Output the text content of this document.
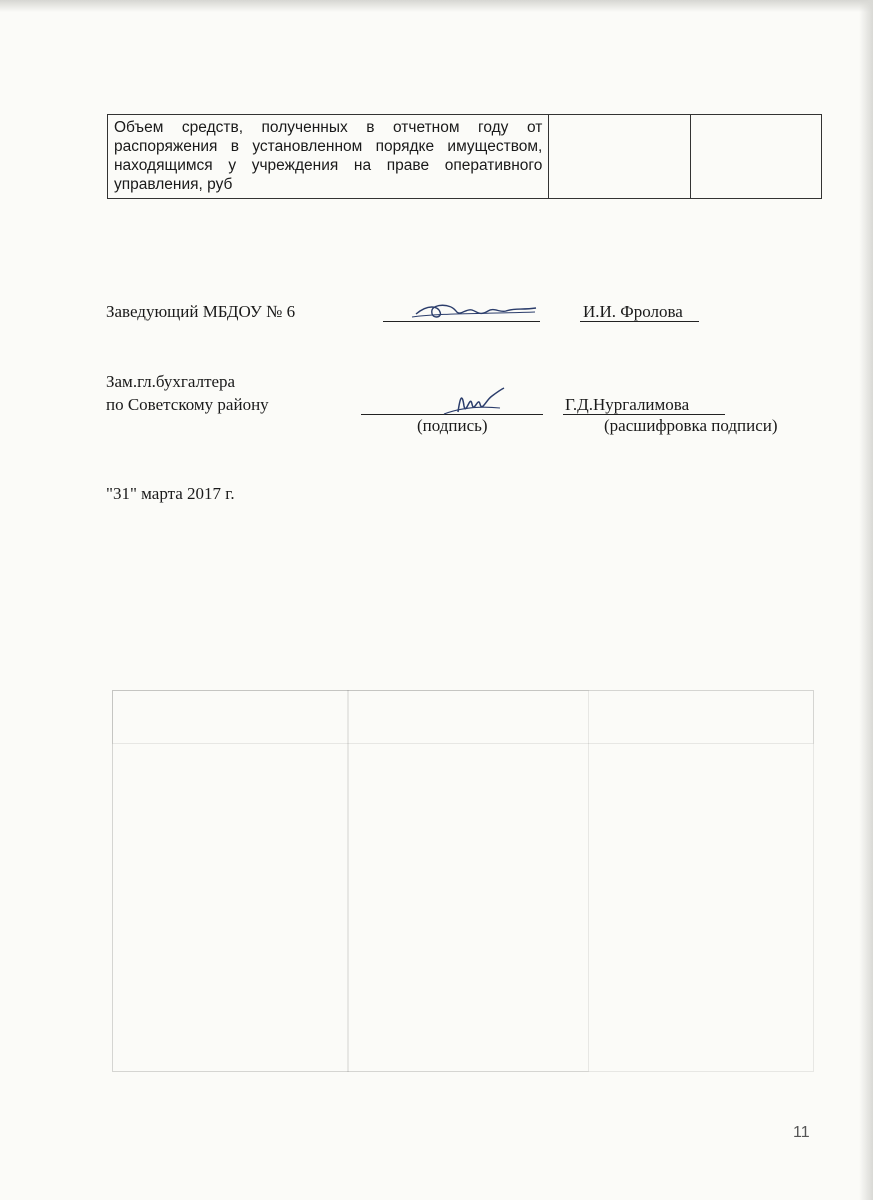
Объем средств, полученных в отчетном году от распоряжения в установленном порядке имуществом, находящимся у учреждения на праве оперативного управления, руб		
Заведующий МБДОУ № 6	И.И. Фролова
Зам.гл.бухгалтера
по Советскому району	Г.Д.Нургалимова
(подпись)	(расшифровка подписи)
"31" марта 2017 г.
11
